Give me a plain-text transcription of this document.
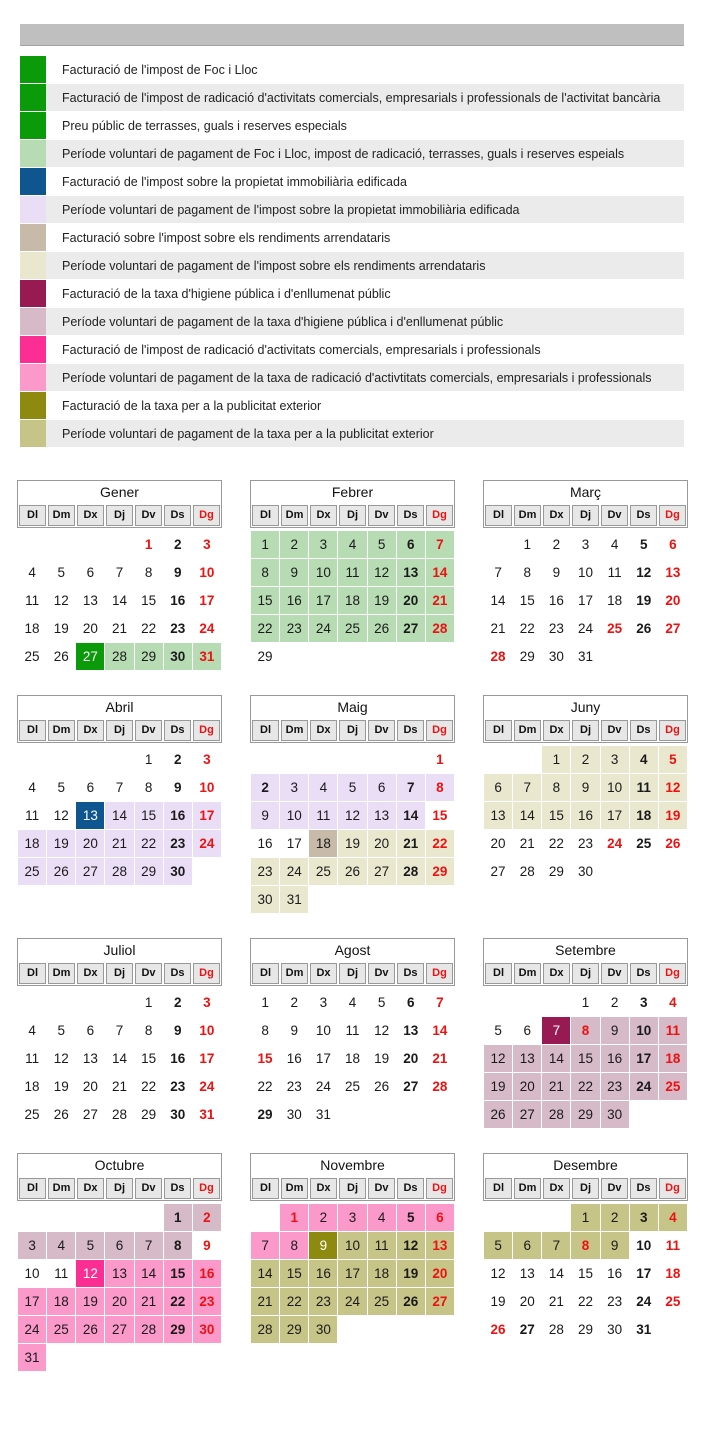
Facturació de l'impost de Foc i Lloc
Facturació de l'impost de radicació d'activitats comercials, empresarials i professionals de l'activitat bancària
Preu públic de terrasses, guals i reserves especials
Període voluntari de pagament de Foc i Lloc, impost de radicació, terrasses, guals i reserves espeials
Facturació de l'impost sobre la propietat immobiliària edificada
Període voluntari de pagament de l'impost sobre la propietat immobiliària edificada
Facturació sobre l'impost sobre els rendiments arrendataris
Període voluntari de pagament de l'impost sobre els rendiments arrendataris
Facturació de la taxa d'higiene pública i d'enllumenat públic
Període voluntari de pagament de la taxa d'higiene pública i d'enllumenat públic
Facturació de l'impost de radicació d'activitats comercials, empresarials i professionals
Període voluntari de pagament de la taxa de radicació d'activtitats comercials, empresarials i professionals
Facturació de la taxa per a la publicitat exterior
Període voluntari de pagament de la taxa per a la publicitat exterior
Gener
Dl	Dm	Dx	Dj	Dv	Ds	Dg
				1	2	3
4	5	6	7	8	9	10
11	12	13	14	15	16	17
18	19	20	21	22	23	24
25	26	27	28	29	30	31
Febrer
Dl	Dm	Dx	Dj	Dv	Ds	Dg
1	2	3	4	5	6	7
8	9	10	11	12	13	14
15	16	17	18	19	20	21
22	23	24	25	26	27	28
29						
Març
Dl	Dm	Dx	Dj	Dv	Ds	Dg
	1	2	3	4	5	6
7	8	9	10	11	12	13
14	15	16	17	18	19	20
21	22	23	24	25	26	27
28	29	30	31			
Abril
Dl	Dm	Dx	Dj	Dv	Ds	Dg
				1	2	3
4	5	6	7	8	9	10
11	12	13	14	15	16	17
18	19	20	21	22	23	24
25	26	27	28	29	30	
Maig
Dl	Dm	Dx	Dj	Dv	Ds	Dg
						1
2	3	4	5	6	7	8
9	10	11	12	13	14	15
16	17	18	19	20	21	22
23	24	25	26	27	28	29
30	31					
Juny
Dl	Dm	Dx	Dj	Dv	Ds	Dg
		1	2	3	4	5
6	7	8	9	10	11	12
13	14	15	16	17	18	19
20	21	22	23	24	25	26
27	28	29	30			
Juliol
Dl	Dm	Dx	Dj	Dv	Ds	Dg
				1	2	3
4	5	6	7	8	9	10
11	12	13	14	15	16	17
18	19	20	21	22	23	24
25	26	27	28	29	30	31
Agost
Dl	Dm	Dx	Dj	Dv	Ds	Dg
1	2	3	4	5	6	7
8	9	10	11	12	13	14
15	16	17	18	19	20	21
22	23	24	25	26	27	28
29	30	31				
Setembre
Dl	Dm	Dx	Dj	Dv	Ds	Dg
			1	2	3	4
5	6	7	8	9	10	11
12	13	14	15	16	17	18
19	20	21	22	23	24	25
26	27	28	29	30		
Octubre
Dl	Dm	Dx	Dj	Dv	Ds	Dg
					1	2
3	4	5	6	7	8	9
10	11	12	13	14	15	16
17	18	19	20	21	22	23
24	25	26	27	28	29	30
31						
Novembre
Dl	Dm	Dx	Dj	Dv	Ds	Dg
	1	2	3	4	5	6
7	8	9	10	11	12	13
14	15	16	17	18	19	20
21	22	23	24	25	26	27
28	29	30				
Desembre
Dl	Dm	Dx	Dj	Dv	Ds	Dg
			1	2	3	4
5	6	7	8	9	10	11
12	13	14	15	16	17	18
19	20	21	22	23	24	25
26	27	28	29	30	31	
